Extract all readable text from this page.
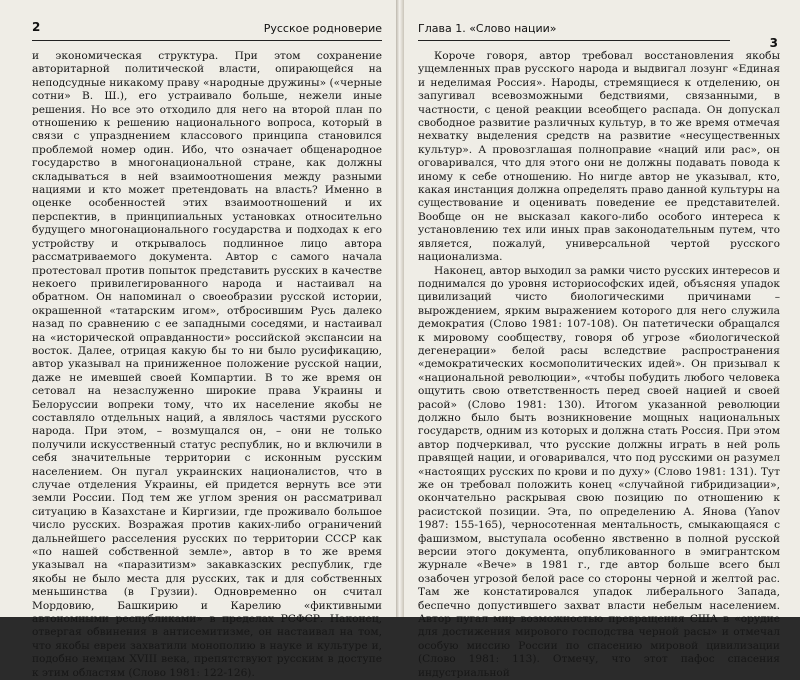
2	Русское родноверие

и экономическая структура. При этом сохранение авторитарной политической власти, опирающейся на неподсудные никакому праву «народные дружины» («черные сотни» В. Ш.), его устраивало больше, нежели иные решения. Но все это отходило для него на второй план по отношению к решению национального вопроса, который в связи с упразднением классового принципа становился проблемой номер один. Ибо, что означает общенародное государство в многонациональной стране, как должны складываться в ней взаимоотношения между разными нациями и кто может претендовать на власть? Именно в оценке особенностей этих взаимоотношений и их перспектив, в принципиальных установках относительно будущего многонационального государства и подходах к его устройству и открывалось подлинное лицо автора рассматриваемого документа. Автор с самого начала протестовал против попыток представить русских в качестве некоего привилегированного народа и настаивал на обратном. Он напоминал о своеобразии русской истории, окрашенной «татарским игом», отбросившим Русь далеко назад по сравнению с ее западными соседями, и настаивал на «исторической оправданности» российской экспансии на восток. Далее, отрицая какую бы то ни было русификацию, автор указывал на приниженное положение русской нации, даже не имевшей своей Компартии. В то же время он сетовал на незаслуженно широкие права Украины и Белоруссии вопреки тому, что их население якобы не составляло отдельных наций, а являлось частями русского народа. При этом, – возмущался он, – они не только получили искусственный статус республик, но и включили в себя значительные территории с исконным русским населением. Он пугал украинских националистов, что в случае отделения Украины, ей придется вернуть все эти земли России. Под тем же углом зрения он рассматривал ситуацию в Казахстане и Киргизии, где проживало большое число русских. Возражая против каких-либо ограничений дальнейшего расселения русских по территории СССР как «по нашей собственной земле», автор в то же время указывал на «паразитизм» закавказских республик, где якобы не было места для русских, так и для собственных меньшинства (в Грузии). Одновременно он считал Мордовию, Башкирию и Карелию «фиктивными автономными республиками» в пределах РСФСР. Наконец, отвергая обвинения в антисемитизме, он настаивал на том, что якобы евреи захватили монополию в науке и культуре и, подобно немцам XVIII века, препятствуют русским в доступе к этим областям (Слово 1981: 122-126).

Глава 1. «Слово нации»
3

Короче говоря, автор требовал восстановления якобы ущемленных прав русского народа и выдвигал лозунг «Единая и неделимая Россия». Народы, стремящиеся к отделению, он запугивал всевозможными бедствиями, связанными, в частности, с ценой реакции всеобщего распада. Он допускал свободное развитие различных культур, в то же время отмечая нехватку выделения средств на развитие «несущественных культур». А провозглашая полноправие «наций или рас», он оговаривался, что для этого они не должны подавать повода к иному к себе отношению. Но нигде автор не указывал, кто, какая инстанция должна определять право данной культуры на существование и оценивать поведение ее представителей. Вообще он не высказал какого-либо особого интереса к установлению тех или иных прав законодательным путем, что является, пожалуй, универсальной чертой русского национализма.

Наконец, автор выходил за рамки чисто русских интересов и поднимался до уровня историософских идей, объясняя упадок цивилизаций чисто биологическими причинами – вырождением, ярким выражением которого для него служила демократия (Слово 1981: 107-108). Он патетически обращался к мировому сообществу, говоря об угрозе «биологической дегенерации» белой расы вследствие распространения «демократических космополитических идей». Он призывал к «национальной революции», «чтобы побудить любого человека ощутить свою ответственность перед своей нацией и своей расой» (Слово 1981: 130). Итогом указанной революции должно было быть возникновение мощных национальных государств, одним из которых и должна стать Россия. При этом автор подчеркивал, что русские должны играть в ней роль правящей нации, и оговаривался, что под русскими он разумел «настоящих русских по крови и по духу» (Слово 1981: 131). Тут же он требовал положить конец «случайной гибридизации», окончательно раскрывая свою позицию по отношению к расистской позиции. Эта, по определению А. Янова (Yanov 1987: 155-165), черносотенная ментальность, смыкающаяся с фашизмом, выступала особенно явственно в полной русской версии этого документа, опубликованного в эмигрантском журнале «Вече» в 1981 г., где автор больше всего был озабочен угрозой белой расе со стороны черной и желтой рас. Там же констатировался упадок либерального Запада, беспечно допустившего захват власти небелым населением. Автор пугал мир возможностью превращения США в «орудие для достижения мирового господства черной расы» и отмечал особую миссию России по спасению мировой цивилизации (Слово 1981: 113). Отмечу, что этот пафос спасения индустриальной
